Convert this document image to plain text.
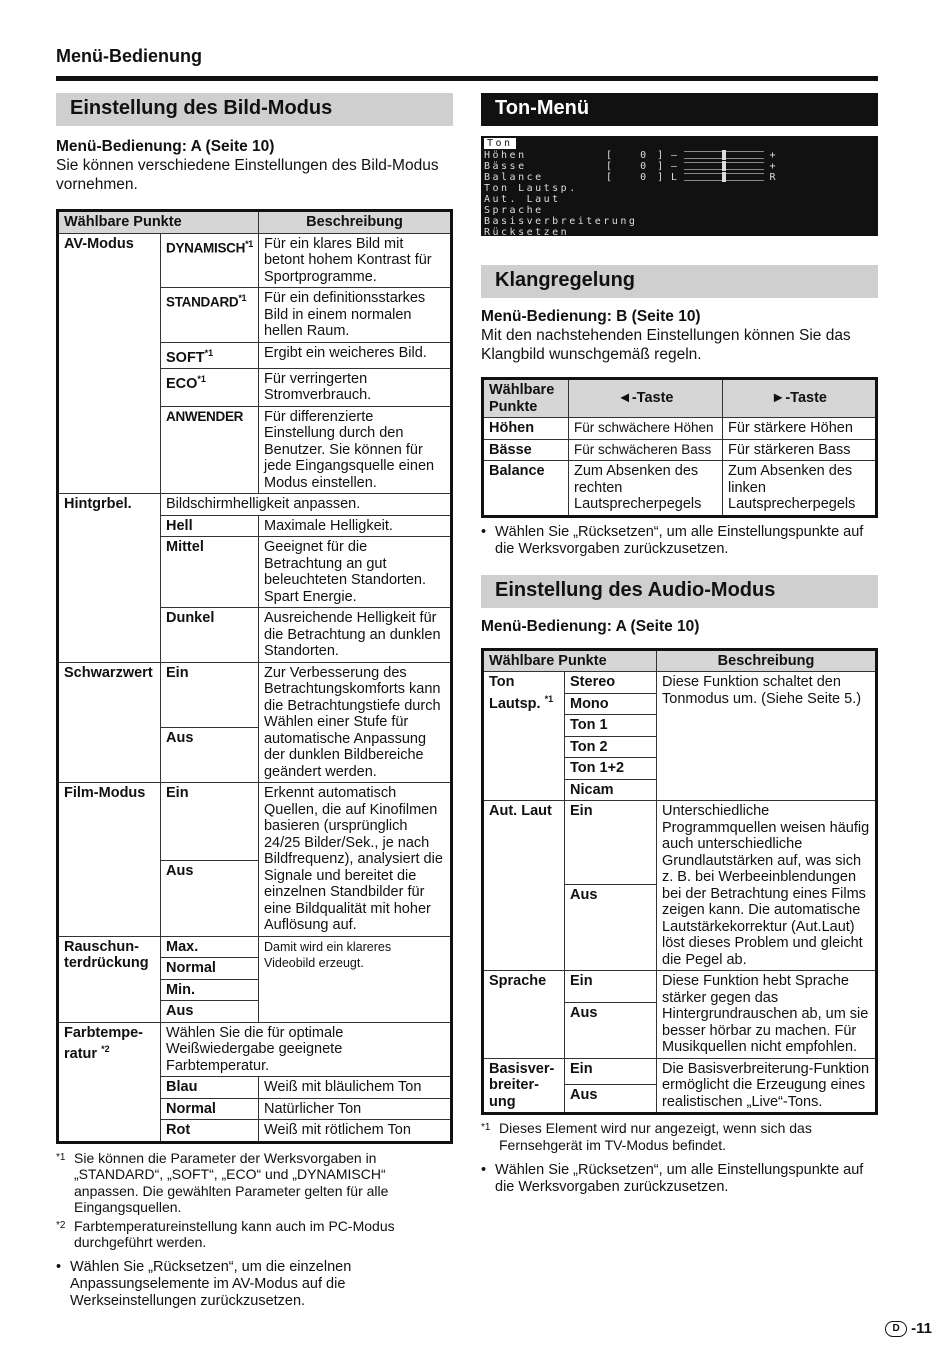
Menü-Bedienung
Einstellung des Bild-Modus
Menü-Bedienung: A (Seite 10)

Sie können verschiedene Einstellungen des Bild-Modus vornehmen.

Wählbare Punkte		Beschreibung
AV-Modus	DYNAMISCH$^{*1}$	Für ein klares Bild mit betont hohem Kontrast für Sportprogramme.
	STANDARD$^{*1}$	Für ein definitionsstarkes Bild in einem normalen hellen Raum.
	SOFT$^{*1}$	Ergibt ein weicheres Bild.
	ECO$^{*1}$	Für verringerten Stromverbrauch.
	ANWENDER	Für differenzierte Einstellung durch den Benutzer. Sie können für jede Eingangsquelle einen Modus einstellen.
Hintgrbel.	Bildschirmhelligkeit anpassen.	
	Hell	Maximale Helligkeit.
	Mittel	Geeignet für die Betrachtung an gut beleuchteten Standorten. Spart Energie.
	Dunkel	Ausreichende Helligkeit für die Betrachtung an dunklen Standorten.
Schwarzwert	Ein	Zur Verbesserung des Betrachtungskomforts kann die Betrachtungstiefe durch Wählen einer Stufe für automatische Anpassung der dunklen Bildbereiche geändert werden.
	Aus	
Film-Modus	Ein	Erkennt automatisch Quellen, die auf Kinofilmen basieren (ursprünglich 24/25 Bilder/Sek., je nach Bildfrequenz), analysiert die Signale und bereitet die einzelnen Standbilder für eine Bildqualität mit hoher Auflösung auf.
	Aus	
Rauschun-terdrückung	Max.	Damit wird ein klareres Videobild erzeugt.
	Normal	
	Min.	
	Aus	
Farbtempe-ratur $^{*2}$	Wählen Sie die für optimale Weißwiedergabe geeignete Farbtemperatur.	
	Blau	Weiß mit bläulichem Ton
	Normal	Natürlicher Ton
	Rot	Weiß mit rötlichem Ton
*1 Sie können die Parameter der Werksvorgaben in „STANDARD“, „SOFT“, „ECO“ und „DYNAMISCH“ anpassen. Die gewählten Parameter gelten für alle Eingangsquellen.
*2 Farbtemperatureinstellung kann auch im PC-Modus durchgeführt werden.
• Wählen Sie „Rücksetzen“, um die einzelnen Anpassungselemente im AV-Modus auf die Werkseinstellungen zurückzusetzen.
Ton-Menü
Ton
Höhen	[   0 ] —	+
Bässe	[   0 ] —	+
Balance	[   0 ] L	R
Ton Lautsp.
Aut. Laut
Sprache
Basisverbreiterung
Rücksetzen
Klangregelung
Menü-Bedienung: B (Seite 10)

Mit den nachstehenden Einstellungen können Sie das Klangbild wunschgemäß regeln.

Wählbare Punkte	◄-Taste	►-Taste
Höhen	Für schwächere Höhen	Für stärkere Höhen
Bässe	Für schwächeren Bass	Für stärkeren Bass
Balance	Zum Absenken des rechten Lautsprecherpegels	Zum Absenken des linken Lautsprecherpegels
• Wählen Sie „Rücksetzen“, um alle Einstellungspunkte auf die Werksvorgaben zurückzusetzen.
Einstellung des Audio-Modus
Menü-Bedienung: A (Seite 10)
Wählbare Punkte		Beschreibung
Ton Lautsp. $^{*1}$	Stereo	Diese Funktion schaltet den Tonmodus um. (Siehe Seite 5.)
	Mono	
	Ton 1	
	Ton 2	
	Ton 1+2	
	Nicam	
Aut. Laut	Ein	Unterschiedliche Programmquellen weisen häufig auch unterschiedliche Grundlautstärken auf, was sich z. B. bei Werbeeinblendungen bei der Betrachtung eines Films zeigen kann. Die automatische Lautstärkekorrektur (Aut.Laut) löst dieses Problem und gleicht die Pegel ab.
	Aus	
Sprache	Ein	Diese Funktion hebt Sprache stärker gegen das Hintergrundrauschen ab, um sie besser hörbar zu machen. Für Musikquellen nicht empfohlen.
	Aus	
Basisver-breiter-ung	Ein	Die Basisverbreiterung-Funktion ermöglicht die Erzeugung eines realistischen „Live“-Tons.
	Aus	
*1 Dieses Element wird nur angezeigt, wenn sich das Fernsehgerät im TV-Modus befindet.
• Wählen Sie „Rücksetzen“, um alle Einstellungspunkte auf die Werksvorgaben zurückzusetzen.
D -11
